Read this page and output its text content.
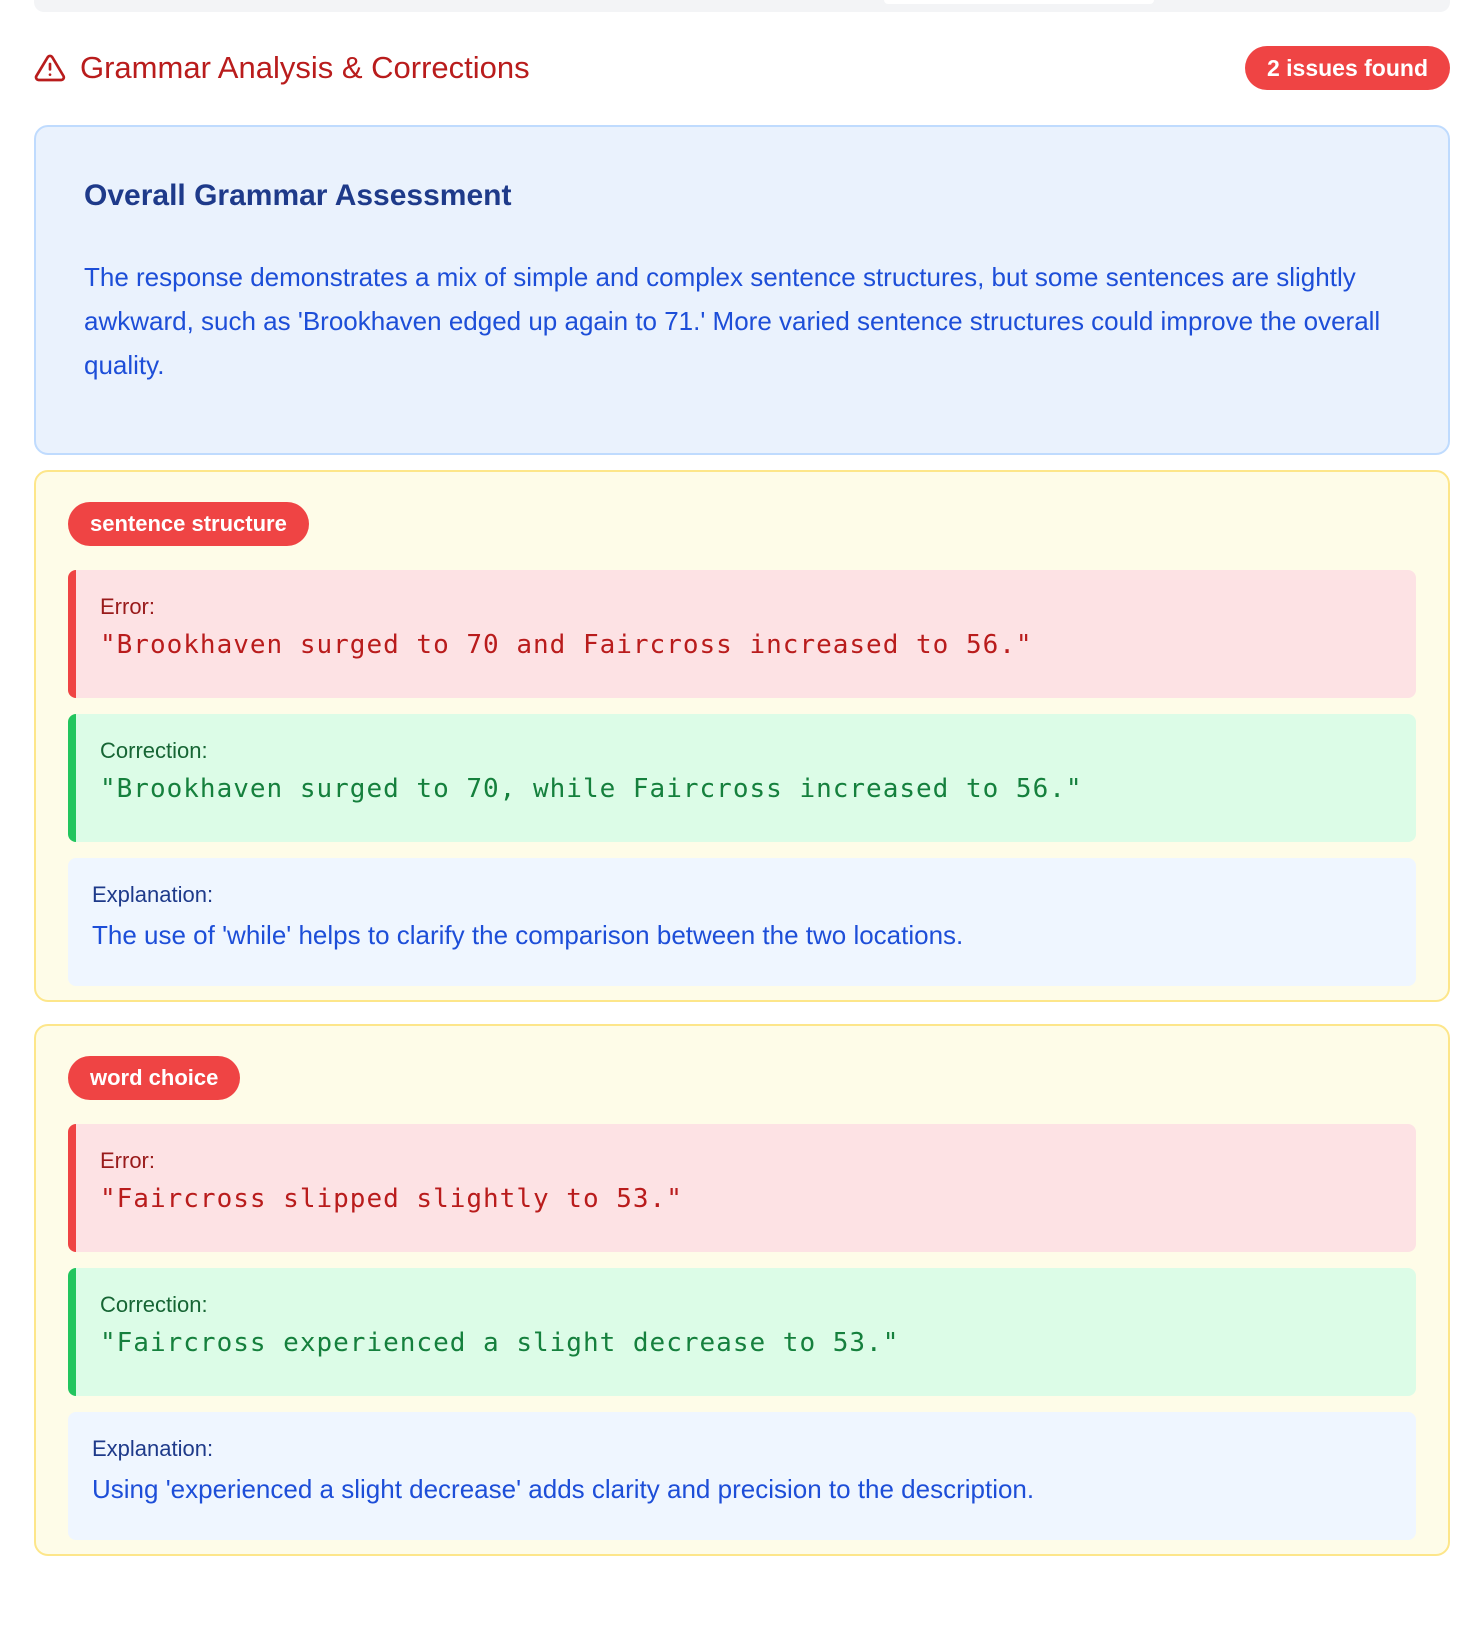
Grammar Analysis & Corrections	2 issues found
Overall Grammar Assessment
The response demonstrates a mix of simple and complex sentence structures, but some sentences are slightly awkward, such as 'Brookhaven edged up again to 71.' More varied sentence structures could improve the overall quality.
sentence structure
Error:
"Brookhaven surged to 70 and Faircross increased to 56."
Correction:
"Brookhaven surged to 70, while Faircross increased to 56."
Explanation:
The use of 'while' helps to clarify the comparison between the two locations.
word choice
Error:
"Faircross slipped slightly to 53."
Correction:
"Faircross experienced a slight decrease to 53."
Explanation:
Using 'experienced a slight decrease' adds clarity and precision to the description.
